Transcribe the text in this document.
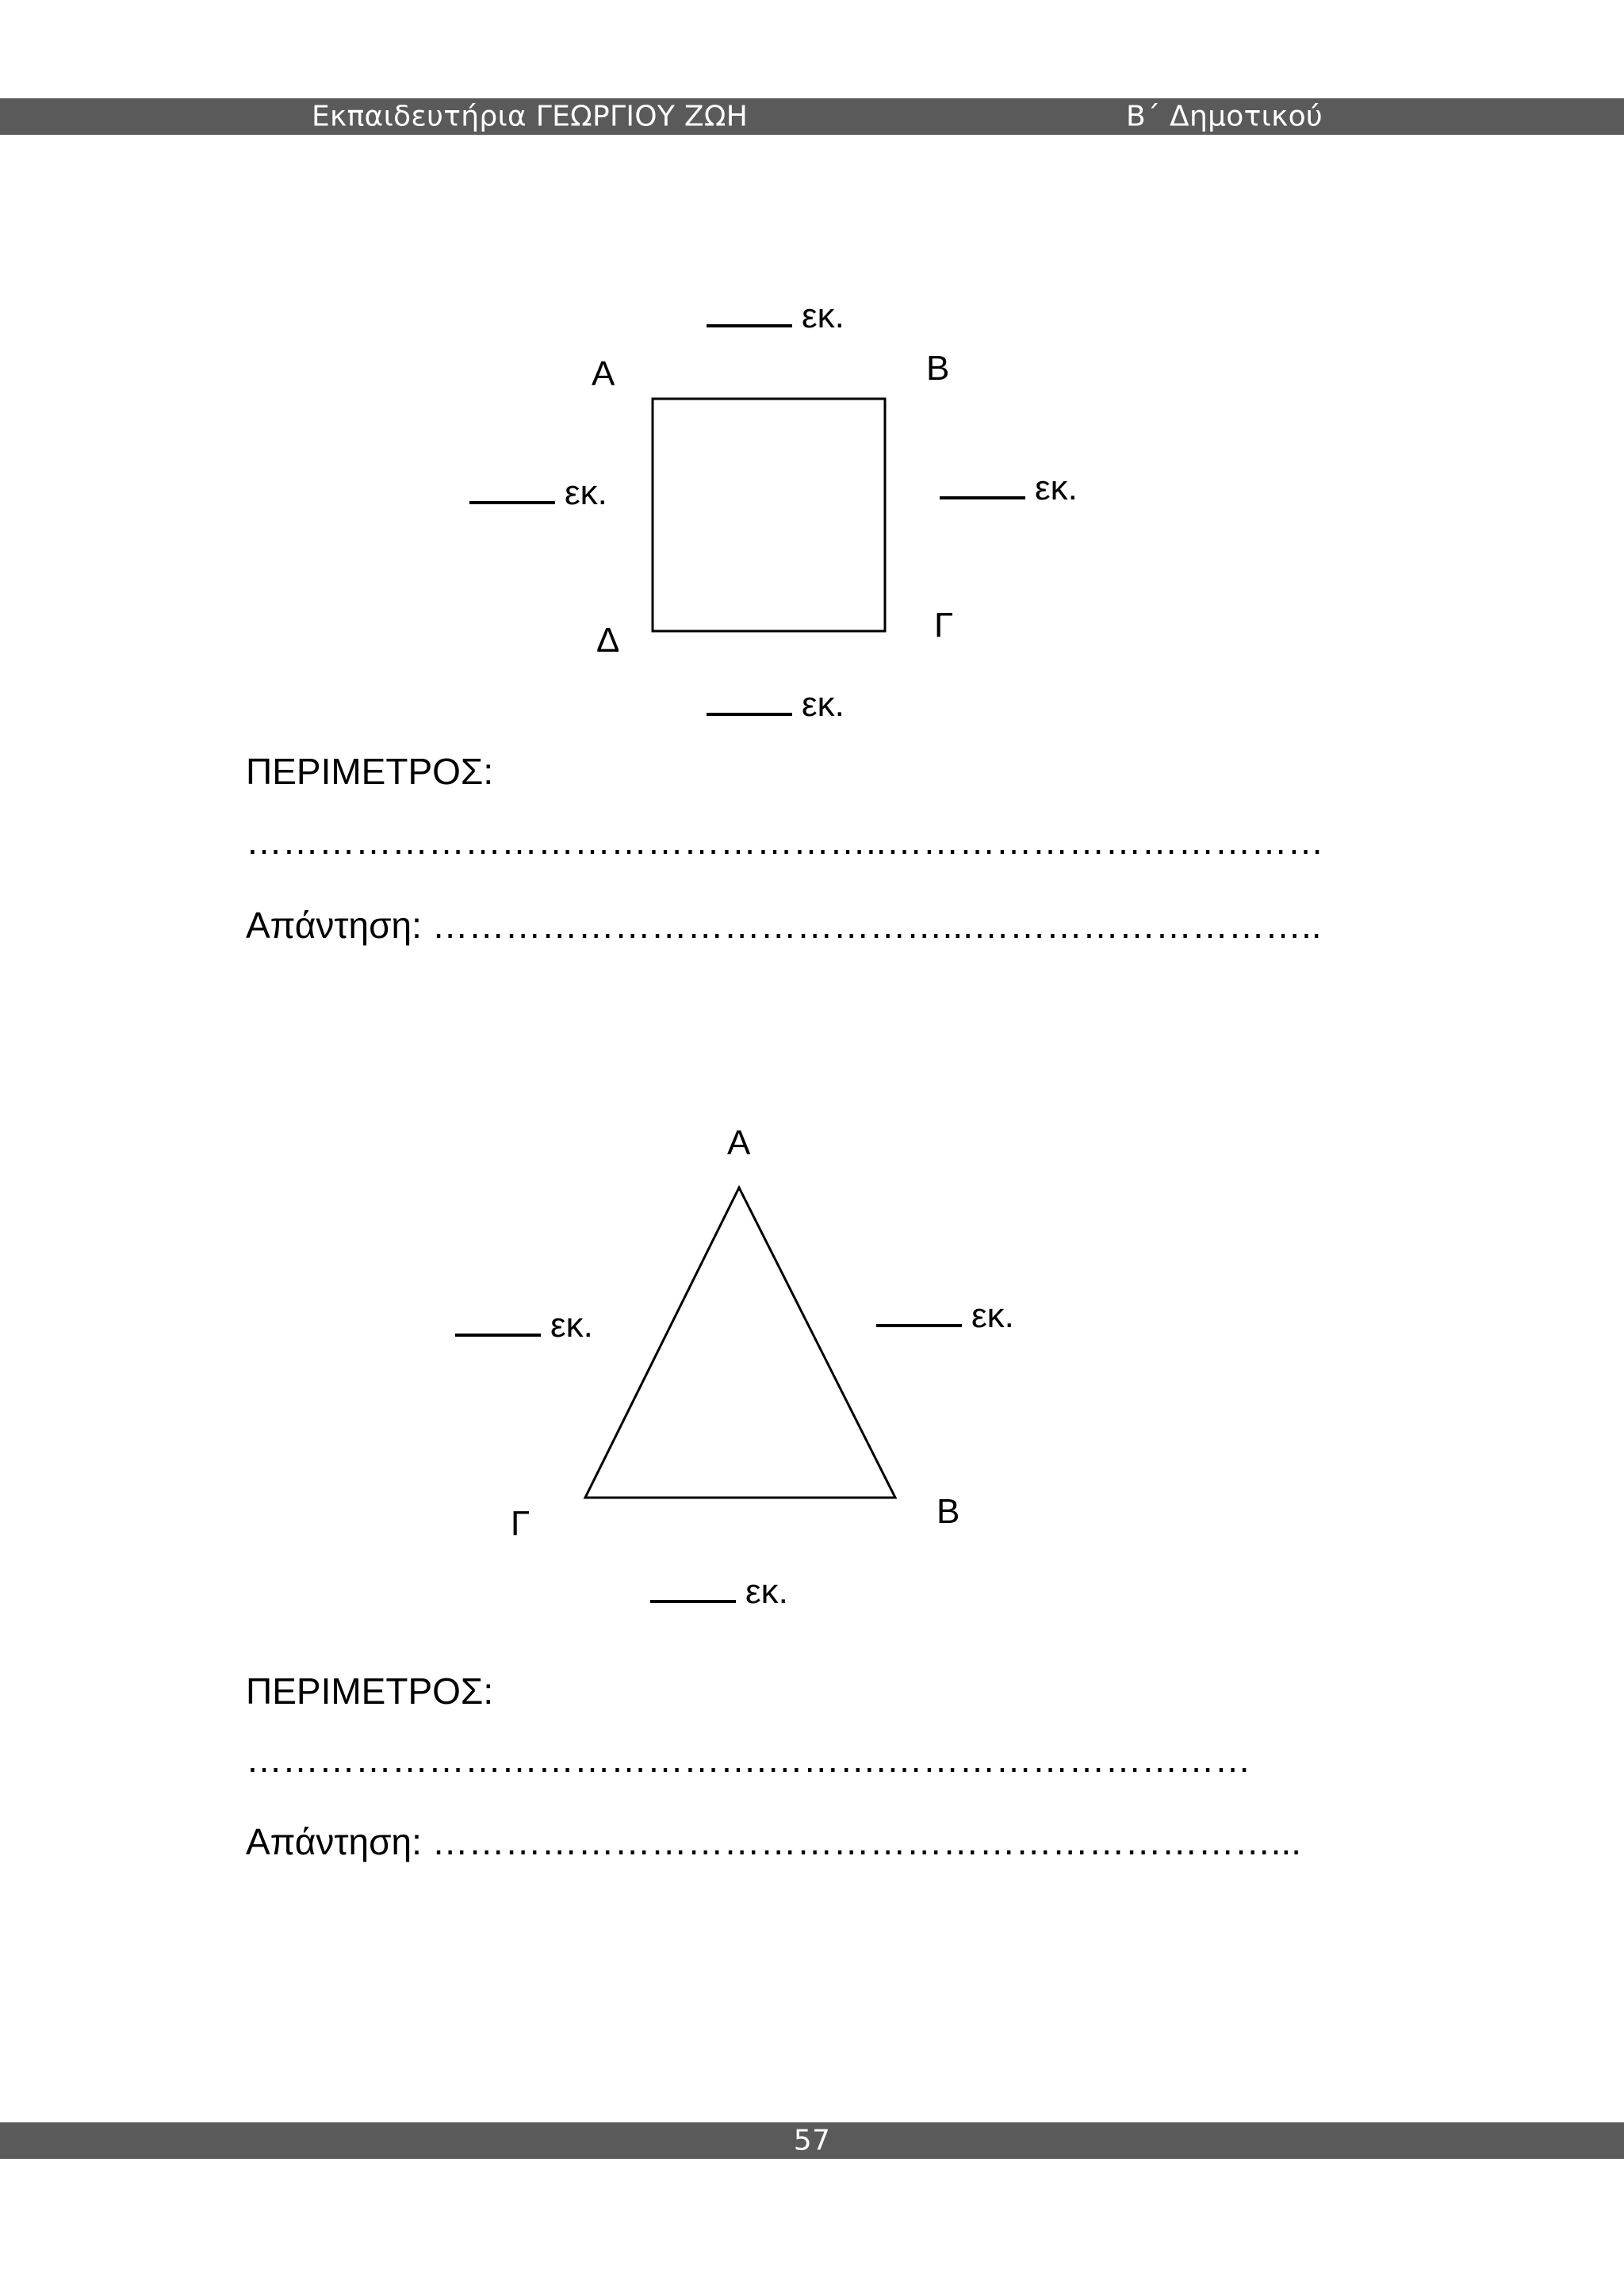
Εκπαιδευτήρια ΓΕΩΡΓΙΟΥ ΖΩΗ	Β΄ Δημοτικού
Α	Β
Γ
Δ
εκ.
εκ.	εκ.
εκ.
ΠΕΡΙΜΕΤΡΟΣ:
……………………………………………..………………………………
Απάντηση: ……………………………………...………………………..
Α
Β
Γ
εκ.	εκ.
εκ.
ΠΕΡΙΜΕΤΡΟΣ:
…………………………………….……….…………………………
Απάντηση: ……………………………………………………………...
57
